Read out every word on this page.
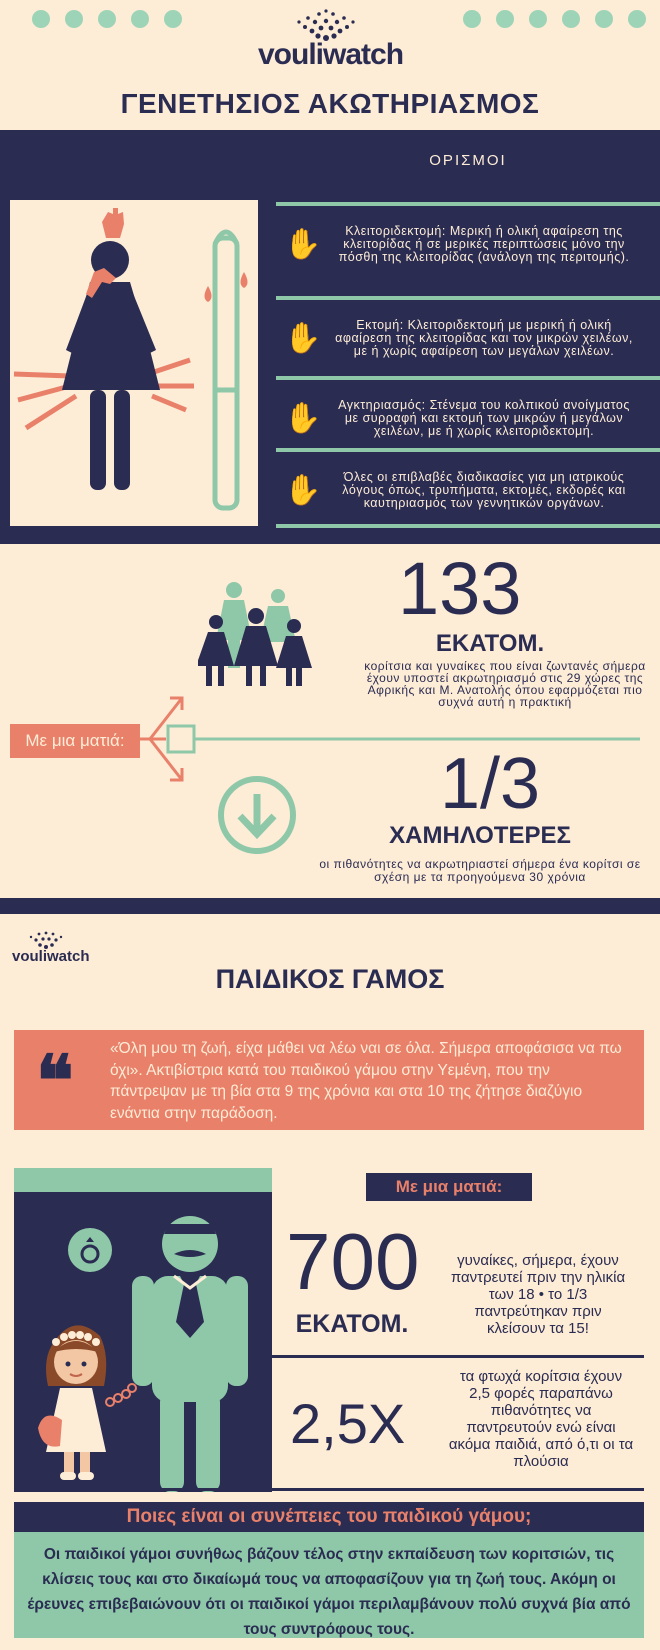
vouliwatch
ΓΕΝΕΤΗΣΙΟΣ ΑΚΩΤΗΡΙΑΣΜΟΣ
ΟΡΙΣΜΟΙ
✋	Κλειτοριδεκτομή: Μερική ή ολική αφαίρεση της κλειτορίδας ή σε μερικές περιπτώσεις μόνο την πόσθη της κλειτορίδας (ανάλογη της περιτομής).
✋	Εκτομή: Κλειτοριδεκτομή με μερική ή ολική αφαίρεση της κλειτορίδας και τον μικρών χειλέων, με ή χωρίς αφαίρεση των μεγάλων χειλέων.
✋	Αγκτηριασμός: Στένεμα του κολπικού ανοίγματος με συρραφή και εκτομή των μικρών ή μεγάλων χειλέων, με ή χωρίς κλειτοριδεκτομή.
✋	Όλες οι επιβλαβές διαδικασίες για μη ιατρικούς λόγους όπως, τρυπήματα, εκτομές, εκδορές και καυτηριασμός των γεννητικών οργάνων.
133
ΕΚΑΤΟΜ.
κορίτσια και γυναίκες που είναι ζωντανές σήμερα έχουν υποστεί ακρωτηριασμό στις 29 χώρες της Αφρικής και Μ. Ανατολής όπου εφαρμόζεται πιο συχνά αυτή η πρακτική
Με μια ματιά:
1/3
ΧΑΜΗΛΟΤΕΡΕΣ
οι πιθανότητες να ακρωτηριαστεί σήμερα ένα κορίτσι σε σχέση με τα προηγούμενα 30 χρόνια
vouliwatch
ΠΑΙΔΙΚΟΣ ΓΑΜΟΣ
❝ «Όλη μου τη ζωή, είχα μάθει να λέω ναι σε όλα. Σήμερα αποφάσισα να πω όχι». Ακτιβίστρια κατά του παιδικού γάμου στην Υεμένη, που την πάντρεψαν με τη βία στα 9 της χρόνια και στα 10 της ζήτησε διαζύγιο ενάντια στην παράδοση.
Με μια ματιά:
700
ΕΚΑΤΟΜ.
γυναίκες, σήμερα, έχουν παντρευτεί πριν την ηλικία των 18 • το 1/3 παντρεύτηκαν πριν κλείσουν τα 15!
2,5X
τα φτωχά κορίτσια έχουν 2,5 φορές παραπάνω πιθανότητες να παντρευτούν ενώ είναι ακόμα παιδιά, από ό,τι οι τα πλούσια
Ποιες είναι οι συνέπειες του παιδικού γάμου;
Οι παιδικοί γάμοι συνήθως βάζουν τέλος στην εκπαίδευση των κοριτσιών, τις κλίσεις τους και στο δικαίωμά τους να αποφασίζουν για τη ζωή τους. Ακόμη οι έρευνες επιβεβαιώνουν ότι οι παιδικοί γάμοι περιλαμβάνουν πολύ συχνά βία από τους συντρόφους τους.
